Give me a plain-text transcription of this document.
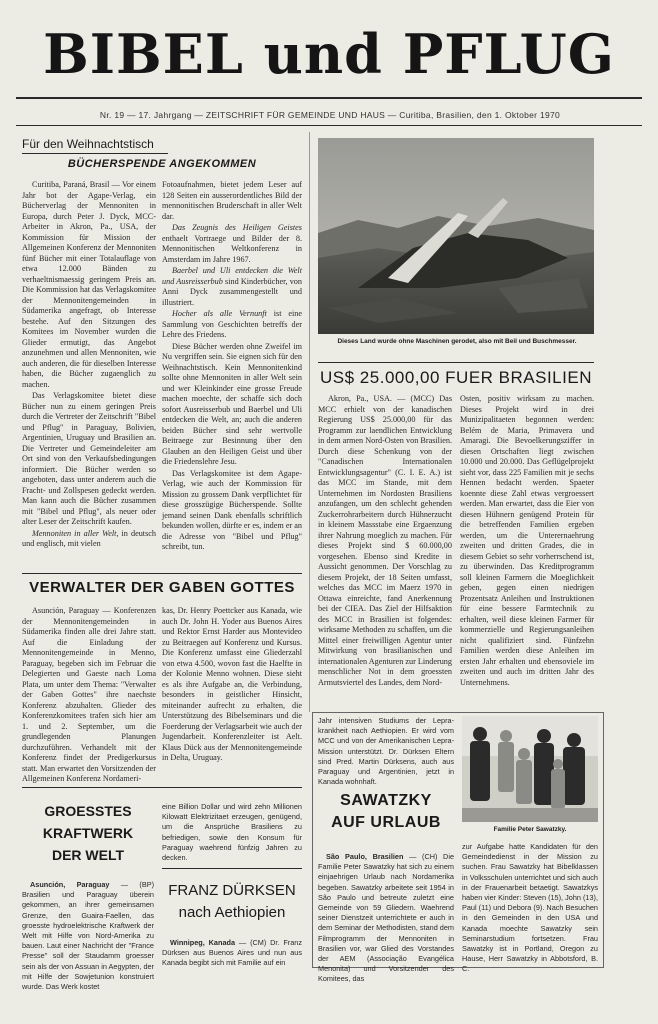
BIBEL und PFLUG
Nr. 19 — 17. Jahrgang — ZEITSCHRIFT FÜR GEMEINDE UND HAUS — Curitiba, Brasilien, den 1. Oktober 1970
Für den Weihnachtstisch
BÜCHERSPENDE ANGEKOMMEN

Curitiba, Paraná, Brasil — Vor einem Jahr bot der Agape-Verlag, ein Bücherverlag der Mennoniten in Europa, durch Peter J. Dyck, MCC-Arbeiter in Akron, Pa., USA, der Kommission für Mission der Allgemeinen Konferenz der Mennoniten fünf Bücher mit einer Totalauflage von etwa 12.000 Bänden zu verhaeltnismaessig geringem Preis an. Die Kommission hat das Verlagskomitee der Mennonitengemeinden in Südamerika angefragt, ob Interesse bestehe. Auf den Sitzungen des Komitees im November wurden die Glieder ermutigt, das Angebot anzunehmen und allen Mennoniten, wie auch anderen, die für dieselben Interesse haben, die Bücher zugaenglich zu machen.

Das Verlagskomitee bietet diese Bücher nun zu einem geringen Preis durch die Vertreter der Zeitschrift "Bibel und Pflug" in Paraguay, Bolivien, Argentinien, Uruguay und Brasilien an. Die Vertreter und Gemeindeleiter am Ort sind von den Verkaufsbedingungen informiert. Die Bücher werden so angeboten, dass unter anderem auch die Fracht- und Zollspesen gedeckt werden. Man kann auch die Bücher zusammen mit "Bibel und Pflug", als neuer oder alter Leser der Zeitschrift kaufen.

Mennoniten in aller Welt, in deutsch und englisch, mit vielen

Fotoaufnahmen, bietet jedem Leser auf 128 Seiten ein ausserordentliches Bild der mennonitischen Bruderschaft in aller Welt dar.

Das Zeugnis des Heiligen Geistes enthaelt Vortraege und Bilder der 8. Mennonitischen Weltkonferenz in Amsterdam im Jahre 1967.

Baerbel und Uli entdecken die Welt und Ausreisserbub sind Kinderbücher, von Anni Dyck zusammengestellt und illustriert.

Hocher als alle Vernunft ist eine Sammlung von Geschichten betreffs der Lehre des Friedens.

Diese Bücher werden ohne Zweifel im Nu vergriffen sein. Sie eignen sich für den Weihnachtstisch. Kein Mennonitenkind sollte ohne Mennoniten in aller Welt sein und wer Kleinkinder eine grosse Freude machen moechte, der schaffe sich doch sofort Ausreisserbub und Baerbel und Uli entdecken die Welt, an; auch die anderen beiden Bücher sind sehr wertvolle Beitraege zur Besinnung über den Glauben an den Heiligen Geist und über die Friedenslehre Jesu.

Das Verlagskomitee ist dem Agape-Verlag, wie auch der Kommission für Mission zu grossem Dank verpflichtet für diese grosszügige Bücherspende. Sollte jemand seinen Dank ebenfalls schriftlich bekunden wollen, dürfte er es, indem er an die Adresse von "Bibel und Pflug" schreibt, tun.

Dieses Land wurde ohne Maschinen gerodet, also mit Beil und Buschmesser.
US$ 25.000,00 FUER BRASILIEN

Akron, Pa., USA. — (MCC) Das MCC erhielt von der kanadischen Regierung US$ 25.000,00 für das Programm zur laendlichen Entwicklung in dem armen Nord-Osten von Brasilien. Durch diese Schenkung von der "Canadischen Internationalen Entwicklungsagentur" (C. I. E. A.) ist das MCC im Stande, mit dem Unternehmen im Nordosten Brasiliens anzufangen, um den schlecht gehenden Zuckerrohrarbeitern durch Hühnerzucht in kleinem Massstabe eine Ergaenzung ihrer Nahrung moeglich zu machen. Für dieses Projekt sind $ 60.000,00 vorgesehen. Ebenso sind Kredite in Aussicht genommen. Der Vorschlag zu diesem Projekt, der 18 Seiten umfasst, welches das MCC im Maerz 1970 in Ottawa einreichte, fand Anerkennung bei der CIEA. Das Ziel der Hilfsaktion des MCC in Brasilien ist folgendes: wirksame Methoden zu schaffen, um die Mittel einer freiwilligen Agentur unter Mitwirkung von brasilianischen und internationalen Agenturen zur Linderung menschlicher Not in dem groessten Armutsviertel des Landes, dem Nord-

Osten, positiv wirksam zu machen. Dieses Projekt wird in drei Munizipalitaeten begonnen werden: Belém de Maria, Primavera und Amaragi. Die Bevoelkerungsziffer in diesen Ortschaften liegt zwischen 10.000 und 20.000. Das Geflügelprojekt sieht vor, dass 225 Familien mit je sechs Hennen bedacht werden. Spaeter koennte diese Zahl etwas vergroessert werden. Man erwartet, dass die Eier von diesen Hühnern genügend Protein für die betreffenden Familien ergeben werden, um die Unterernaehrung zweiten und dritten Grades, die in diesem Gebiet so sehr vorherrschend ist, zu überwinden. Das Kreditprogramm soll kleinen Farmern die Moeglichkeit geben, gegen einen niedrigen Prozentsatz Anleihen und Instruktionen für eine bessere Farmtechnik zu erhalten, weil diese kleinen Farmer für kommerzielle und Regierungsanleihen nicht qualifiziert sind. Fünfzehn Familien werden diese Anleihen im ersten Jahr erhalten und ebensoviele im zweiten und auch im dritten Jahr des Unternehmens.

VERWALTER DER GABEN GOTTES

Asunción, Paraguay — Konferenzen der Mennonitengemeinden in Südamerika finden alle drei Jahre statt. Auf die Einladung der Mennonitengemeinde in Menno, Paraguay, begeben sich im Februar die Delegierten und Gaeste nach Loma Plata, um unter dem Thema: "Verwalter der Gaben Gottes" ihre naechste Konferenz abzuhalten. Glieder des Konferenzkomitees trafen sich hier am 1. und 2. September, um die grundlegenden Planungen durchzuführen. Verhandelt mit der Konferenz findet der Predigerkursus statt. Man erwartet den Vorsitzenden der Allgemeinen Konferenz Nordameri-

kas, Dr. Henry Poettcker aus Kanada, wie auch Dr. John H. Yoder aus Buenos Aires und Rektor Ernst Harder aus Montevideo zu Beitraegen auf Konferenz und Kursus. Die Konferenz umfasst eine Gliederzahl von etwa 4.500, wovon fast die Haelfte in der Kolonie Menno wohnen. Diese sieht es als ihre Aufgabe an, die Verbindung, besonders in geistlicher Hinsicht, miteinander aufrecht zu erhalten, die Unterstützung des Bibelseminars und die Foerderung der Verlagsarbeit wie auch der Jugendarbeit. Konferenzleiter ist Aelt. Klaus Dück aus der Mennonitengemeinde in Delta, Uruguay.

GROESSTES KRAFTWERK
DER WELT

Asunción, Paraguay — (BP) Brasilien und Paraguay überein gekommen, an ihrer gemeinsamen Grenze, den Guaira-Faellen, das groesste hydroelektrische Kraftwerk der Welt mit Hilfe von Nord-Amerika zu bauen. Laut einer Nachricht der "France Presse" soll der Staudamm groesser sein als der von Assuan in Aegypten, der mit Hilfe der Sowjetunion konstruiert wurde. Das Werk kostet

eine Billion Dollar und wird zehn Millionen Kilowatt Elektrizitaet erzeugen, genügend, um die Ansprüche Brasiliens zu befriedigen, sowie den Konsum für Paraguay waehrend fünfzig Jahren zu decken.

FRANZ DÜRKSEN
nach Aethiopien

Winnipeg, Kanada — (CM) Dr. Franz Dürksen aus Buenos Aires und nun aus Kanada begibt sich mit Familie auf ein

Jahr intensiven Studiums der Lepra-krankheit nach Aethiopien. Er wird vom MCC und von der Amerikanischen Lepra-Mission unterstützt. Dr. Dürksen Eltern sind Pred. Martin Dürksens, auch aus Paraguay und Argentinien, jetzt in Kanada wohnhaft.

Familie Peter Sawatzky.
SAWATZKY
AUF URLAUB

São Paulo, Brasilien — (CH) Die Familie Peter Sawatzky hat sich zu einem einjaehrigen Urlaub nach Nordamerika begeben. Sawatzky arbeitete seit 1954 in São Paulo und betreute zuletzt eine Gemeinde von 59 Gliedern. Waehrend seiner Dienstzeit unterrichtete er auch in dem Seminar der Methodisten, stand dem Filmprogramm der Mennoniten in Brasilien vor, war Glied des Vorstandes der AEM (Associação Evangélica Menonita) und Vorsitzender des Komitees, das

zur Aufgabe hatte Kandidaten für den Gemeindedienst in der Mission zu suchen. Frau Sawatzky hat Bibelklassen in Volksschulen unterrichtet und sich auch in der Frauenarbeit betaetigt. Sawatzkys haben vier Kinder: Steven (15), John (13), Paul (11) und Debora (9). Nach Besuchen in den Gemeinden in den USA und Kanada moechte Sawatzky sein Seminarstudium fortsetzen. Frau Sawatzky ist in Portland, Oregon zu Hause, Herr Sawatzky in Abbotsford, B. C.
